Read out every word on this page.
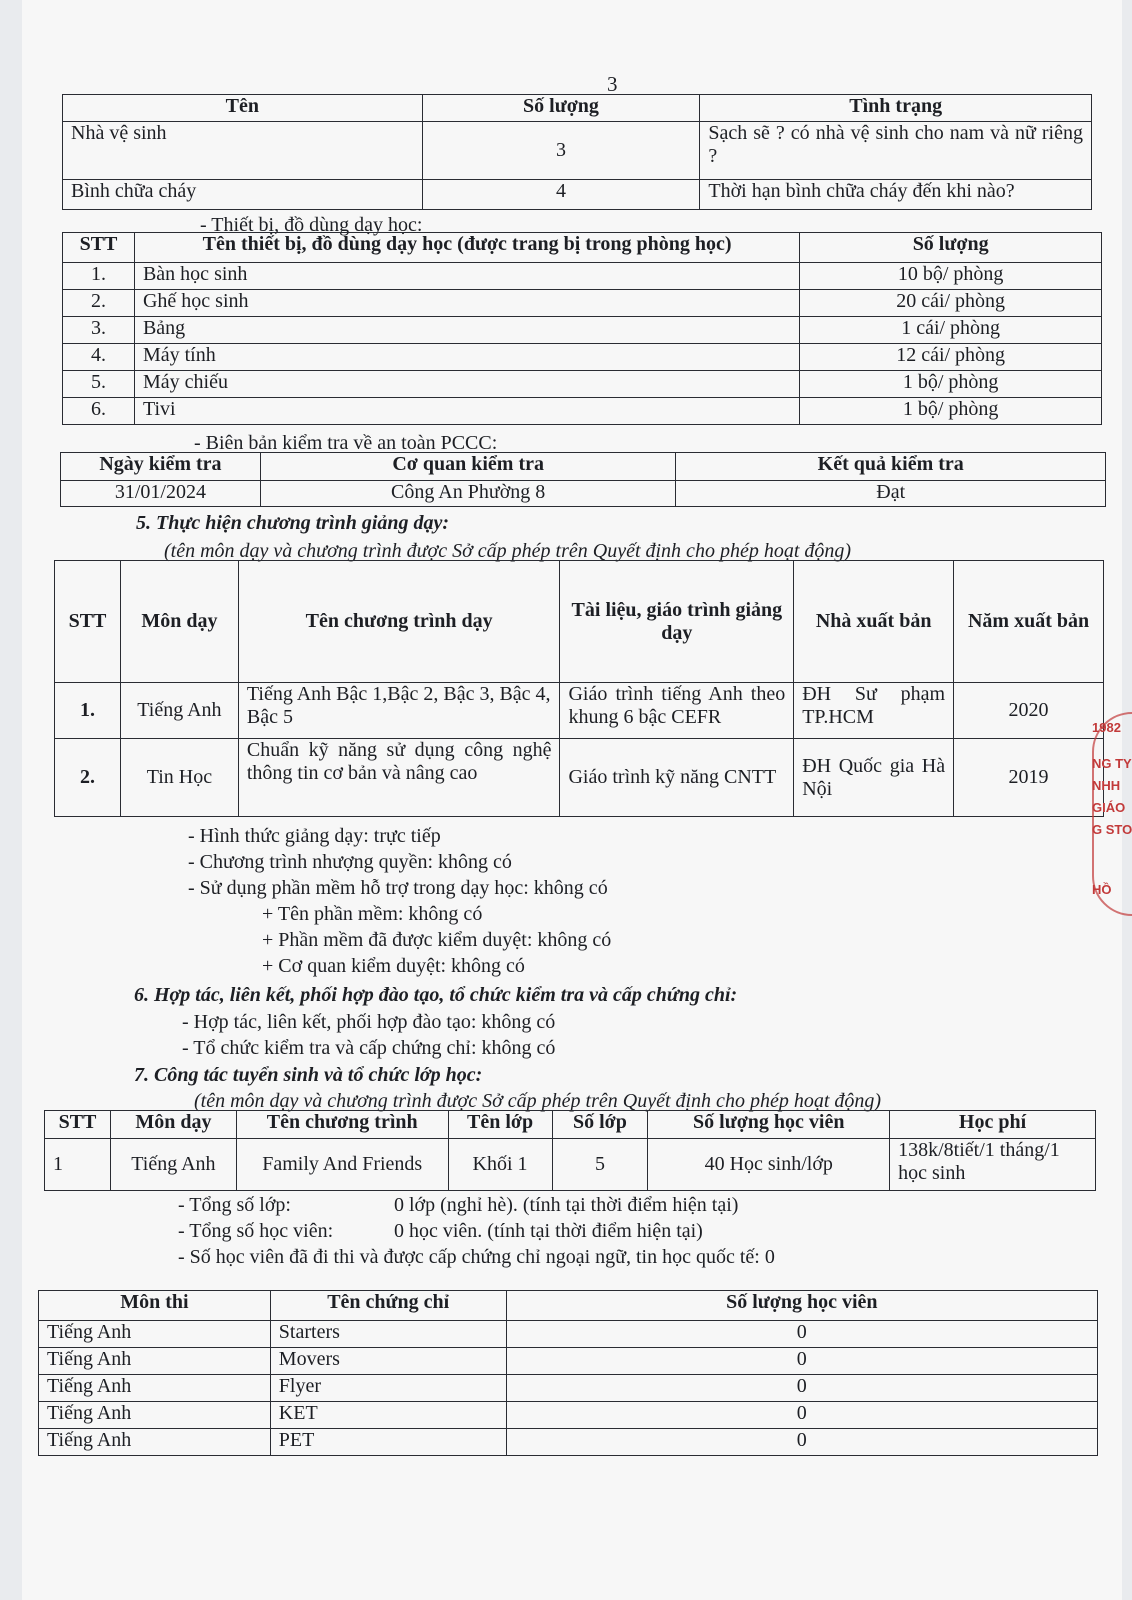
3
Tên	Số lượng	Tình trạng
Nhà vệ sinh	3	Sạch sẽ ? có nhà vệ sinh cho nam và nữ riêng ?
Bình chữa cháy	4	Thời hạn bình chữa cháy đến khi nào?
- Thiết bị, đồ dùng dạy học:
STT	Tên thiết bị, đồ dùng dạy học (được trang bị trong phòng học)	Số lượng
1.	Bàn học sinh	10 bộ/ phòng
2.	Ghế học sinh	20 cái/ phòng
3.	Bảng	1 cái/ phòng
4.	Máy tính	12 cái/ phòng
5.	Máy chiếu	1 bộ/ phòng
6.	Tivi	1 bộ/ phòng
- Biên bản kiểm tra về an toàn PCCC:
Ngày kiểm tra	Cơ quan kiểm tra	Kết quả kiểm tra
31/01/2024	Công An Phường 8	Đạt
5. Thực hiện chương trình giảng dạy:
(tên môn dạy và chương trình được Sở cấp phép trên Quyết định cho phép hoạt động)
STT	Môn dạy	Tên chương trình dạy	Tài liệu, giáo trình giảng dạy	Nhà xuất bản	Năm xuất bản
1.	Tiếng Anh	Tiếng Anh Bậc 1,Bậc 2, Bậc 3, Bậc 4, Bậc 5	Giáo trình tiếng Anh theo khung 6 bậc CEFR	ĐH Sư phạm TP.HCM	2020
2.	Tin Học	Chuẩn kỹ năng sử dụng công nghệ thông tin cơ bản và nâng cao	Giáo trình kỹ năng CNTT	ĐH Quốc gia Hà Nội	2019
- Hình thức giảng dạy: trực tiếp
- Chương trình nhượng quyền: không có
- Sử dụng phần mềm hỗ trợ trong dạy học: không có
+ Tên phần mềm: không có
+ Phần mềm đã được kiểm duyệt: không có
+ Cơ quan kiểm duyệt: không có
6. Hợp tác, liên kết, phối hợp đào tạo, tổ chức kiểm tra và cấp chứng chỉ:
- Hợp tác, liên kết, phối hợp đào tạo: không có
- Tổ chức kiểm tra và cấp chứng chỉ: không có
7. Công tác tuyển sinh và tổ chức lớp học:
(tên môn dạy và chương trình được Sở cấp phép trên Quyết định cho phép hoạt động)
STT	Môn dạy	Tên chương trình	Tên lớp	Số lớp	Số lượng học viên	Học phí
1	Tiếng Anh	Family And Friends	Khối 1	5	40 Học sinh/lớp	138k/8tiết/1 tháng/1 học sinh
- Tổng số lớp:	0 lớp (nghỉ hè). (tính tại thời điểm hiện tại)
- Tổng số học viên:	0 học viên. (tính tại thời điểm hiện tại)
- Số học viên đã đi thi và được cấp chứng chỉ ngoại ngữ, tin học quốc tế: 0
Môn thi	Tên chứng chỉ	Số lượng học viên
Tiếng Anh	Starters	0
Tiếng Anh	Movers	0
Tiếng Anh	Flyer	0
Tiếng Anh	KET	0
Tiếng Anh	PET	0
1982
NG TY
NHH
GIÁO
G STO
HỒ
